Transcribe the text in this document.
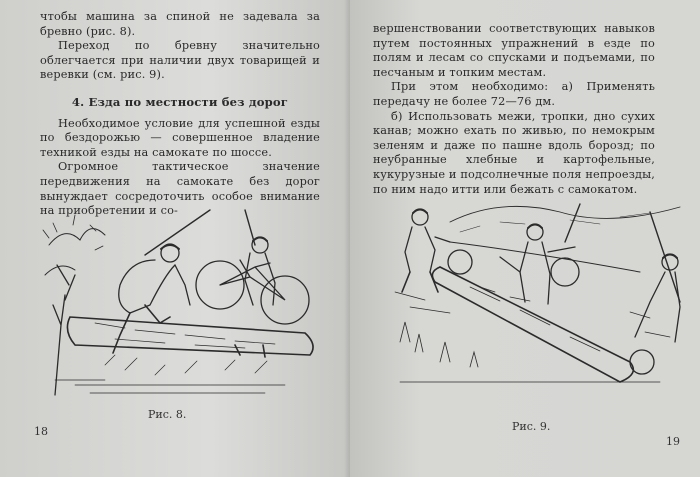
чтобы машина за спиной не задевала за бревно (рис. 8).

Переход по бревну значительно облегчается при наличии двух товарищей и веревки (см. рис. 9).

4. Езда по местности без дорог

Необходимое условие для успешной езды по бездорожью — совершенное владение техникой езды на самокате по шоссе.

Огромное тактическое значение передвижения на самокате без дорог вынуждает сосредоточить особое внимание на приобретении и со-

Рис. 8.
18

вершенствовании соответствующих навыков путем постоянных упражнений в езде по полям и лесам со спусками и подъемами, по песчаным и топким местам.

При этом необходимо: а) Применять передачу не более 72—76 дм.

б) Использовать межи, тропки, дно сухих канав; можно ехать по живью, по немокрым зеленям и даже по пашне вдоль борозд; по неубранные хлебные и картофельные, кукурузные и подсолнечные поля непроезды, по ним надо итти или бежать с самокатом.

Рис. 9.
19
